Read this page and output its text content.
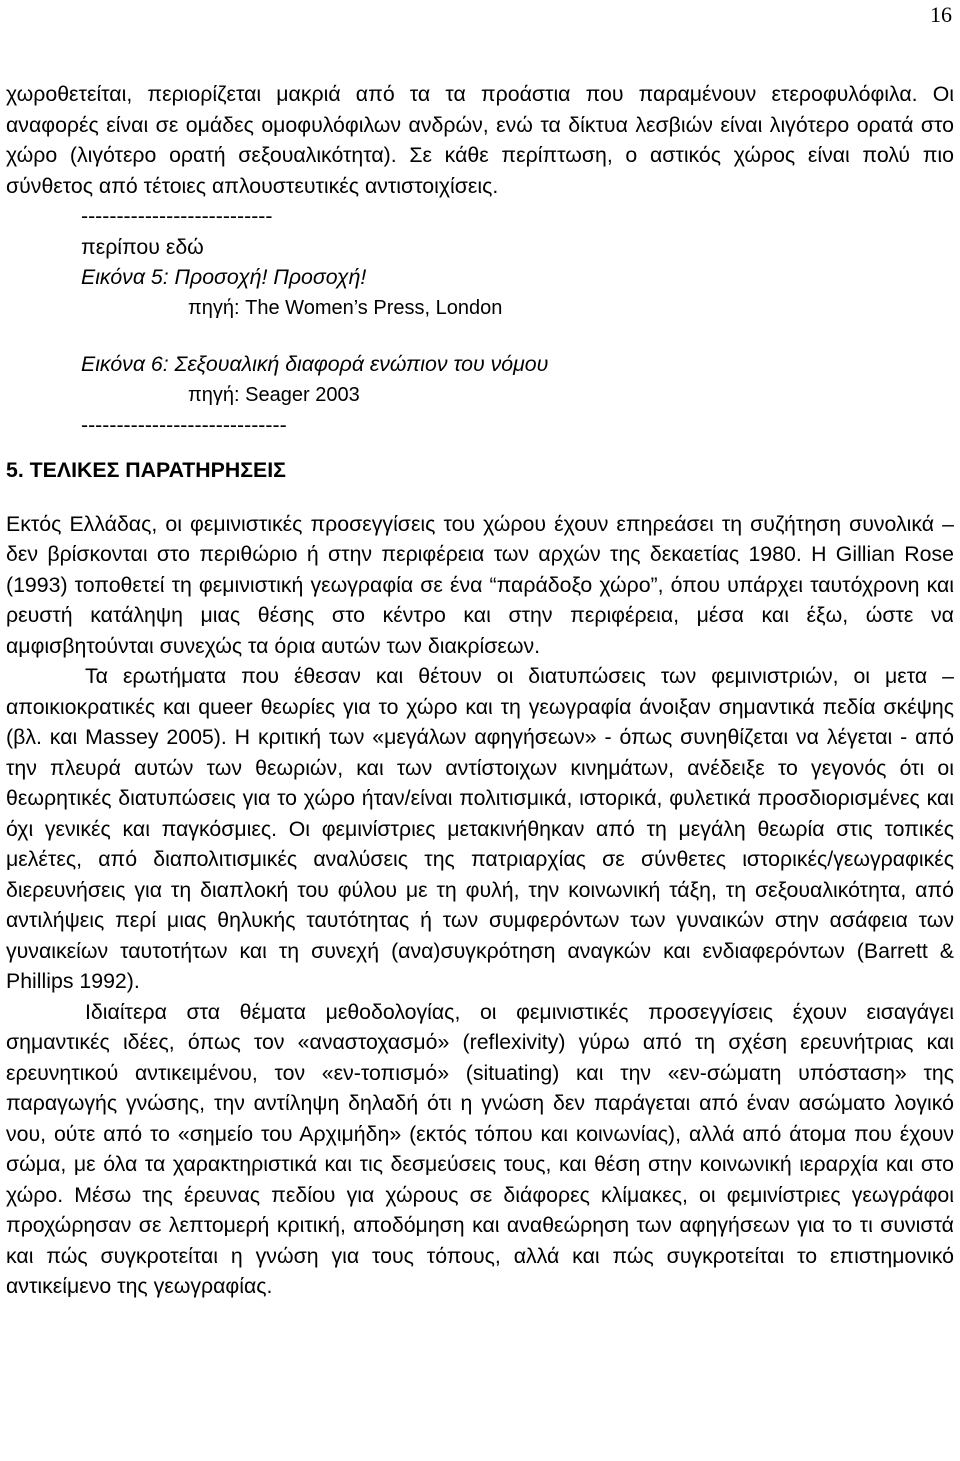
16

χωροθετείται, περιορίζεται μακριά από τα τα προάστια που παραμένουν ετεροφυλόφιλα. Οι αναφορές είναι σε ομάδες ομοφυλόφιλων ανδρών, ενώ τα δίκτυα λεσβιών είναι λιγότερο ορατά στο χώρο (λιγότερο ορατή σεξουαλικότητα). Σε κάθε περίπτωση, ο αστικός χώρος είναι πολύ πιο σύνθετος από τέτοιες απλουστευτικές αντιστοιχίσεις.

---------------------------

περίπου εδώ

Εικόνα 5: Προσοχή! Προσοχή!

πηγή: The Women’s Press, London

Εικόνα 6: Σεξουαλική διαφορά ενώπιον του νόμου

πηγή: Seager 2003

-----------------------------

5. ΤΕΛΙΚΕΣ ΠΑΡΑΤΗΡΗΣΕΙΣ

Εκτός Ελλάδας, οι φεμινιστικές προσεγγίσεις του χώρου έχουν επηρεάσει τη συζήτηση συνολικά – δεν βρίσκονται στο περιθώριο ή στην περιφέρεια των αρχών της δεκαετίας 1980. Η Gillian Rose (1993) τοποθετεί τη φεμινιστική γεωγραφία σε ένα “παράδοξο χώρο”, όπου υπάρχει ταυτόχρονη και ρευστή κατάληψη μιας θέσης στο κέντρο και στην περιφέρεια, μέσα και έξω, ώστε να αμφισβητούνται συνεχώς τα όρια αυτών των διακρίσεων.

Τα ερωτήματα που έθεσαν και θέτουν οι διατυπώσεις των φεμινιστριών, οι μετα – αποικιοκρατικές και queer θεωρίες για το χώρο και τη γεωγραφία άνοιξαν σημαντικά πεδία σκέψης (βλ. και Massey 2005). Η κριτική των «μεγάλων αφηγήσεων» - όπως συνηθίζεται να λέγεται - από την πλευρά αυτών των θεωριών, και των αντίστοιχων κινημάτων, ανέδειξε το γεγονός ότι οι θεωρητικές διατυπώσεις για το χώρο ήταν/είναι πολιτισμικά, ιστορικά, φυλετικά προσδιορισμένες και όχι γενικές και παγκόσμιες. Οι φεμινίστριες μετακινήθηκαν από τη μεγάλη θεωρία στις τοπικές μελέτες, από διαπολιτισμικές αναλύσεις της πατριαρχίας σε σύνθετες ιστορικές/γεωγραφικές διερευνήσεις για τη διαπλοκή του φύλου με τη φυλή, την κοινωνική τάξη, τη σεξουαλικότητα, από αντιλήψεις περί μιας θηλυκής ταυτότητας ή των συμφερόντων των γυναικών στην ασάφεια των γυναικείων ταυτοτήτων και τη συνεχή (ανα)συγκρότηση αναγκών και ενδιαφερόντων (Barrett & Phillips 1992).

Ιδιαίτερα στα θέματα μεθοδολογίας, οι φεμινιστικές προσεγγίσεις έχουν εισαγάγει σημαντικές ιδέες, όπως τον «αναστοχασμό» (reflexivity) γύρω από τη σχέση ερευνήτριας και ερευνητικού αντικειμένου, τον «εν-τοπισμό» (situating) και την «εν-σώματη υπόσταση» της παραγωγής γνώσης, την αντίληψη δηλαδή ότι η γνώση δεν παράγεται από έναν ασώματο λογικό νου, ούτε από το «σημείο του Αρχιμήδη» (εκτός τόπου και κοινωνίας), αλλά από άτομα που έχουν σώμα, με όλα τα χαρακτηριστικά και τις δεσμεύσεις τους, και θέση στην κοινωνική ιεραρχία και στο χώρο. Μέσω της έρευνας πεδίου για χώρους σε διάφορες κλίμακες, οι φεμινίστριες γεωγράφοι προχώρησαν σε λεπτομερή κριτική, αποδόμηση και αναθεώρηση των αφηγήσεων για το τι συνιστά και πώς συγκροτείται η γνώση για τους τόπους, αλλά και πώς συγκροτείται το επιστημονικό αντικείμενο της γεωγραφίας.
